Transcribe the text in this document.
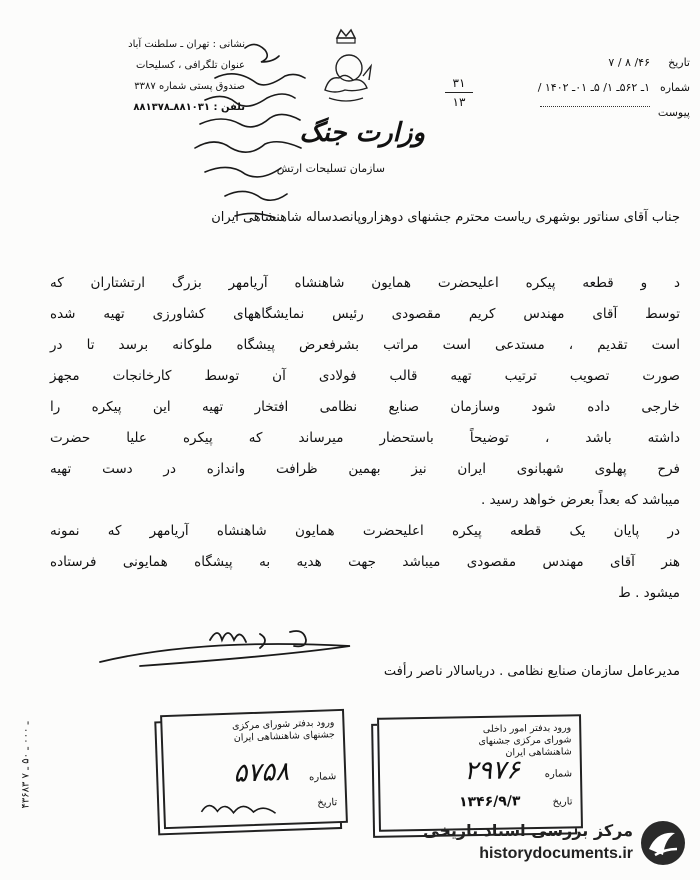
نشانی : تهران ـ سلطنت آباد
عنوان تلگرافی ، کسلیحات
صندوق پستی شماره ۳۳۸۷
تلفن : ۸۸۱۰۳۱ـ۸۸۱۳۷۸
تاریخ
۴۶/ ۸ / ۷
شماره
۱ـ ۵۶۲ـ ۱/ ۵ـ ۰۱ـ ۱۴۰۲ /
پیوست
۳۱
۱۳
وزارت جنگ
سازمان تسلیحات ارتش
جناب آقای سناتور بوشهری ریاست محترم جشنهای دوهزاروپانصدساله شاهنشاهی ایران

د و قطعه پیکره اعلیحضرت همایون شاهنشاه آریامهر بزرگ ارتشتاران که

توسط آقای مهندس کریم مقصودی رئیس نمایشگاههای کشاورزی تهیه شده

است تقدیم ، مستدعی است مراتب بشرفعرض پیشگاه ملوکانه برسد تا در

صورت تصویب ترتیب تهیه قالب فولادی آن توسط کارخانجات مجهز

خارجی داده شود وسازمان صنایع نظامی افتخار تهیه این پیکره را

داشته باشد ، توضیحاً باستحضار میرساند که پیکره علیا حضرت

فرح پهلوی شهبانوی ایران نیز بهمین ظرافت واندازه در دست تهیه

میباشد که بعداً بعرض خواهد رسید .

در پایان یک قطعه پیکره اعلیحضرت همایون شاهنشاه آریامهر که نمونه

هنر آقای مهندس مقصودی میباشد جهت هدیه به پیشگاه همایونی فرستاده

میشود . ط

مدیرعامل سازمان صنایع نظامی . دریاسالار ناصر رأفت
۴۳۶۸۳ ـ ۰۰۰ ـ ۵۰ ـ ۷	ورود بدفتر شورای مرکزی جشنهای شاهنشاهی ایران
شماره
۵۷۵۸
تاریخ
ورود بدفتر امور داخلی شورای مرکزی جشنهای شاهنشاهی ایران
شماره
۲۹۷۶
تاریخ
۱۳۴۶/۹/۳
مرکز بررسی اسناد تاریخی
historydocuments.ir
